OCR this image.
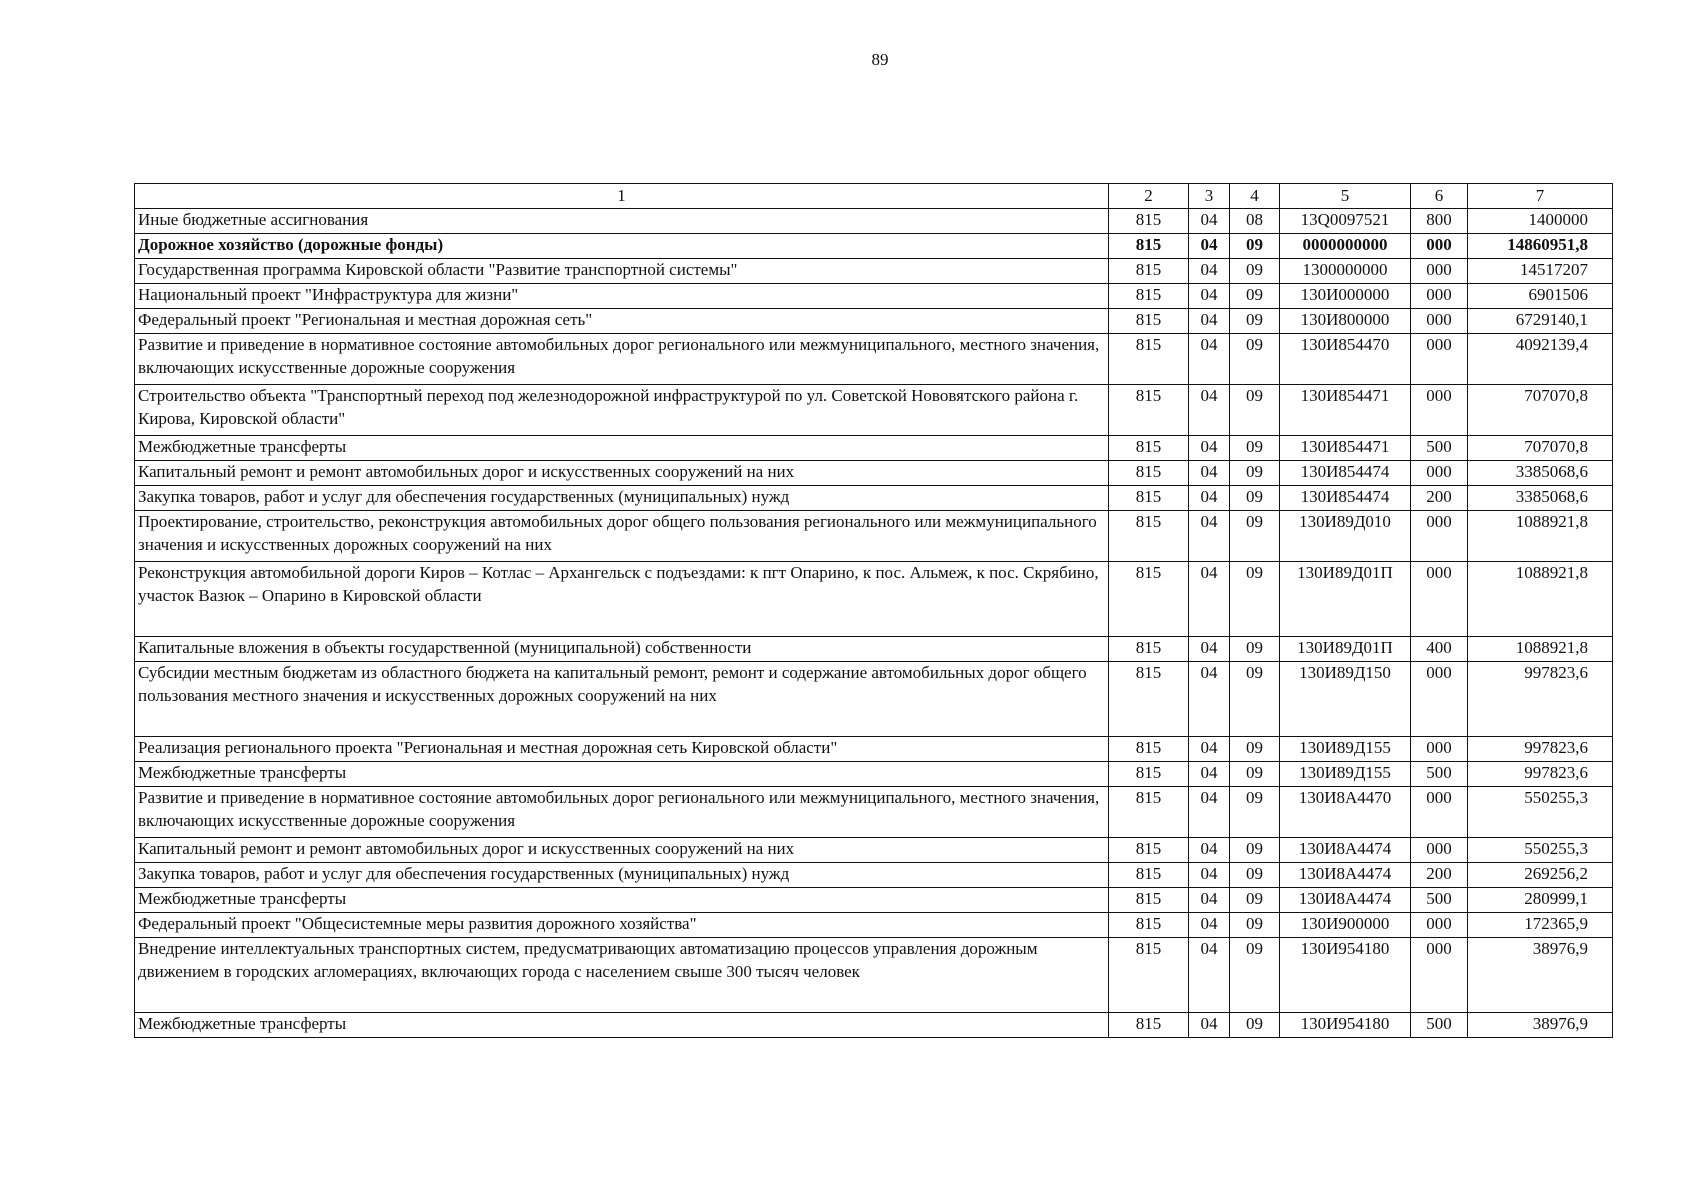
89
1	2	3	4	5	6	7
Иные бюджетные ассигнования	815	04	08	13Q0097521	800	1400000
Дорожное хозяйство (дорожные фонды)	815	04	09	0000000000	000	14860951,8
Государственная программа Кировской области "Развитие транспортной системы"	815	04	09	1300000000	000	14517207
Национальный проект "Инфраструктура для жизни"	815	04	09	130И000000	000	6901506
Федеральный проект "Региональная и местная дорожная сеть"	815	04	09	130И800000	000	6729140,1
Развитие и приведение в нормативное состояние автомобильных дорог регионального или межмуниципального, местного значения, включающих искусственные дорожные сооружения	815	04	09	130И854470	000	4092139,4
Строительство объекта "Транспортный переход под железнодорожной инфраструктурой по ул. Советской Нововятского района г. Кирова, Кировской области"	815	04	09	130И854471	000	707070,8
Межбюджетные трансферты	815	04	09	130И854471	500	707070,8
Капитальный ремонт и ремонт автомобильных дорог и искусственных сооружений на них	815	04	09	130И854474	000	3385068,6
Закупка товаров, работ и услуг для обеспечения государственных (муниципальных) нужд	815	04	09	130И854474	200	3385068,6
Проектирование, строительство, реконструкция автомобильных дорог общего пользования регионального или межмуниципального значения и искусственных дорожных сооружений на них	815	04	09	130И89Д010	000	1088921,8
Реконструкция автомобильной дороги Киров – Котлас – Архангельск с подъездами: к пгт Опарино, к пос. Альмеж, к пос. Скрябино, участок Вазюк – Опарино в Кировской области	815	04	09	130И89Д01П	000	1088921,8
Капитальные вложения в объекты государственной (муниципальной) собственности	815	04	09	130И89Д01П	400	1088921,8
Субсидии местным бюджетам из областного бюджета на капитальный ремонт, ремонт и содержание автомобильных дорог общего пользования местного значения и искусственных дорожных сооружений на них	815	04	09	130И89Д150	000	997823,6
Реализация регионального проекта "Региональная и местная дорожная сеть Кировской области"	815	04	09	130И89Д155	000	997823,6
Межбюджетные трансферты	815	04	09	130И89Д155	500	997823,6
Развитие и приведение в нормативное состояние автомобильных дорог регионального или межмуниципального, местного значения, включающих искусственные дорожные сооружения	815	04	09	130И8А4470	000	550255,3
Капитальный ремонт и ремонт автомобильных дорог и искусственных сооружений на них	815	04	09	130И8А4474	000	550255,3
Закупка товаров, работ и услуг для обеспечения государственных (муниципальных) нужд	815	04	09	130И8А4474	200	269256,2
Межбюджетные трансферты	815	04	09	130И8А4474	500	280999,1
Федеральный проект "Общесистемные меры развития дорожного хозяйства"	815	04	09	130И900000	000	172365,9
Внедрение интеллектуальных транспортных систем, предусматривающих автоматизацию процессов управления дорожным движением в городских агломерациях, включающих города с населением свыше 300 тысяч человек	815	04	09	130И954180	000	38976,9
Межбюджетные трансферты	815	04	09	130И954180	500	38976,9
